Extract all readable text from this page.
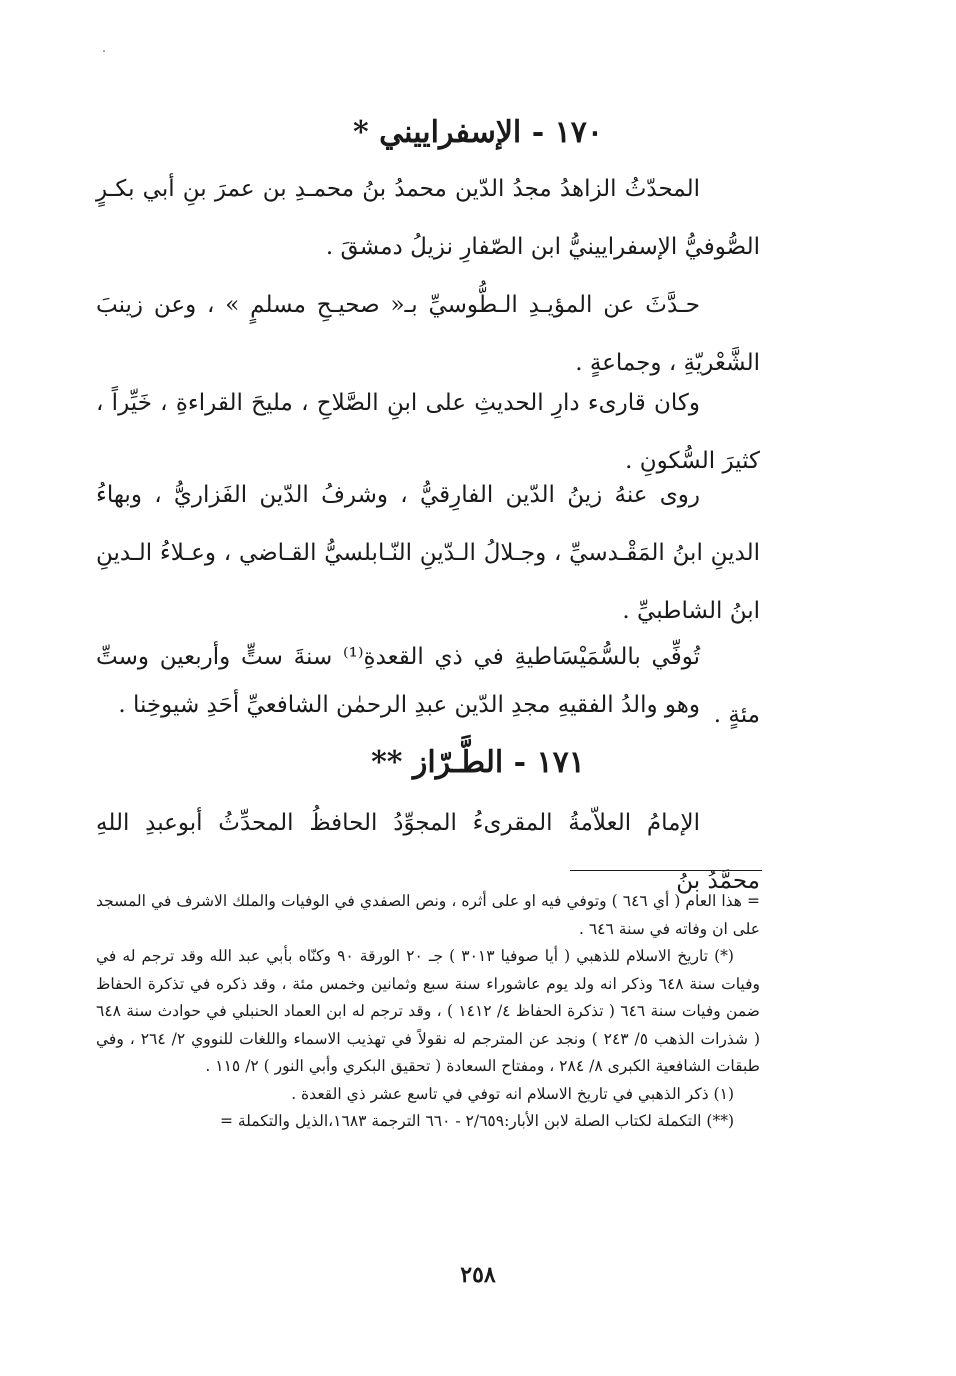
١٧٠ - الإسفراييني *
المحدّثُ الزاهدُ مجدُ الدّين محمدُ بنُ محمـدِ بن عمرَ بنِ أبي بكـرٍ الصُّوفيُّ الإسفرايينيُّ ابن الصّفارِ نزيلُ دمشقَ .
حـدَّثَ عن المؤيـدِ الـطُّوسيِّ بـ« صحيـحِ مسلمٍ » ، وعن زينبَ الشَّعْريّةِ ، وجماعةٍ .
وكان قارىء دارِ الحديثِ على ابنِ الصَّلاحِ ، مليحَ القراءةِ ، خَيِّراً ، كثيرَ السُّكونِ .
روى عنهُ زينُ الدّين الفارِقيُّ ، وشرفُ الدّين الفَزاريُّ ، وبهاءُ الدينِ ابنُ المَقْـدسيِّ ، وجـلالُ الـدّينِ النّـابلسيُّ القـاضي ، وعـلاءُ الـدينِ ابنُ الشاطبيِّ .
تُوفِّي بالسُّمَيْسَاطيةِ في ذي القعدةِ⁽¹⁾ سنةَ ستٍّ وأربعين وستِّ مئةٍ .
وهو والدُ الفقيهِ مجدِ الدّين عبدِ الرحمٰن الشافعيِّ أحَدِ شيوخِنا .
١٧١ - الطَّـرّاز **
الإمامُ العلاّمةُ المقرىءُ المجوِّدُ الحافظُ المحدِّثُ أبوعبدِ اللهِ محمَّدُ بنُ

= هذا العام ( أي ٦٤٦ ) وتوفي فيه او على أثره ، ونص الصفدي في الوفيات والملك الاشرف في المسجد على ان وفاته في سنة ٦٤٦ .

(*) تاريخ الاسلام للذهبي ( أيا صوفيا ٣٠١٣ ) جـ ٢٠ الورقة ٩٠ وكنّاه بأبي عبد الله وقد ترجم له في وفيات سنة ٦٤٨ وذكر انه ولد يوم عاشوراء سنة سبع وثمانين وخمس مئة ، وقد ذكره في تذكرة الحفاظ ضمن وفيات سنة ٦٤٦ ( تذكرة الحفاظ ٤/ ١٤١٢ ) ، وقد ترجم له ابن العماد الحنبلي في حوادث سنة ٦٤٨ ( شذرات الذهب ٥/ ٢٤٣ ) ونجد عن المترجم له نقولاً في تهذيب الاسماء واللغات للنووي ٢/ ٢٦٤ ، وفي طبقات الشافعية الكبرى ٨/ ٢٨٤ ، ومفتاح السعادة ( تحقيق البكري وأبي النور ) ٢/ ١١٥ .

(١) ذكر الذهبي في تاريخ الاسلام انه توفي في تاسع عشر ذي القعدة .

(**) التكملة لكتاب الصلة لابن الأبار:٢/٦٥٩ - ٦٦٠ الترجمة ١٦٨٣،الذيل والتكملة =

٢٥٨
